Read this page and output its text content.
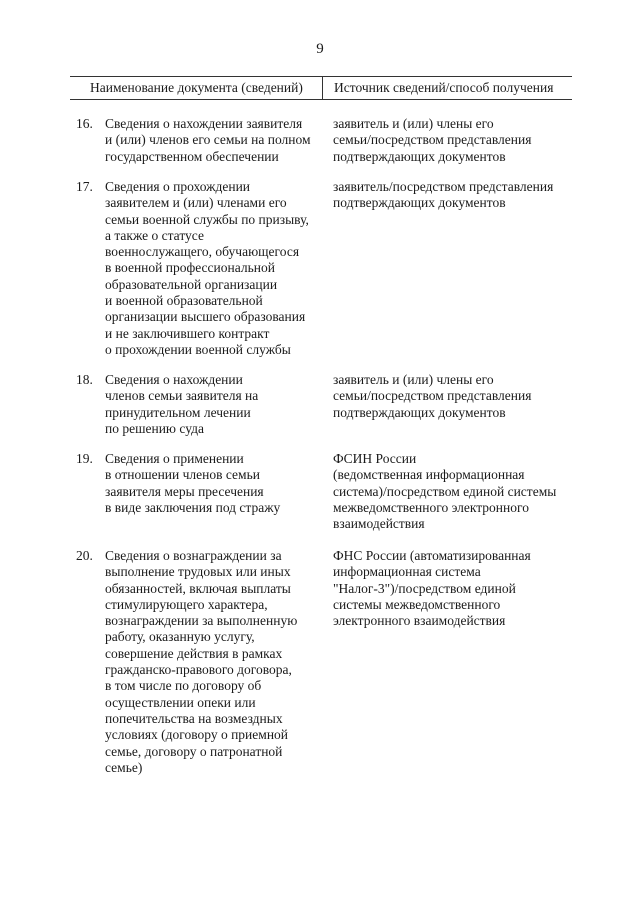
9
Наименование документа (сведений) Источник сведений/способ получения
16. Сведения о нахождении заявителя
и (или) членов его семьи на полном
государственном обеспечении
заявитель и (или) члены его
семьи/посредством представления
подтверждающих документов
17. Сведения о прохождении
заявителем и (или) членами его
семьи военной службы по призыву,
а также о статусе
военнослужащего, обучающегося
в военной профессиональной
образовательной организации
и военной образовательной
организации высшего образования
и не заключившего контракт
о прохождении военной службы
заявитель/посредством представления
подтверждающих документов
18. Сведения о нахождении
членов семьи заявителя на
принудительном лечении
по решению суда
заявитель и (или) члены его
семьи/посредством представления
подтверждающих документов
19. Сведения о применении
в отношении членов семьи
заявителя меры пресечения
в виде заключения под стражу
ФСИН России
(ведомственная информационная
система)/посредством единой системы
межведомственного электронного
взаимодействия
20. Сведения о вознаграждении за
выполнение трудовых или иных
обязанностей, включая выплаты
стимулирующего характера,
вознаграждении за выполненную
работу, оказанную услугу,
совершение действия в рамках
гражданско-правового договора,
в том числе по договору об
осуществлении опеки или
попечительства на возмездных
условиях (договору о приемной
семье, договору о патронатной
семье)
ФНС России (автоматизированная
информационная система
"Налог-3")/посредством единой
системы межведомственного
электронного взаимодействия
